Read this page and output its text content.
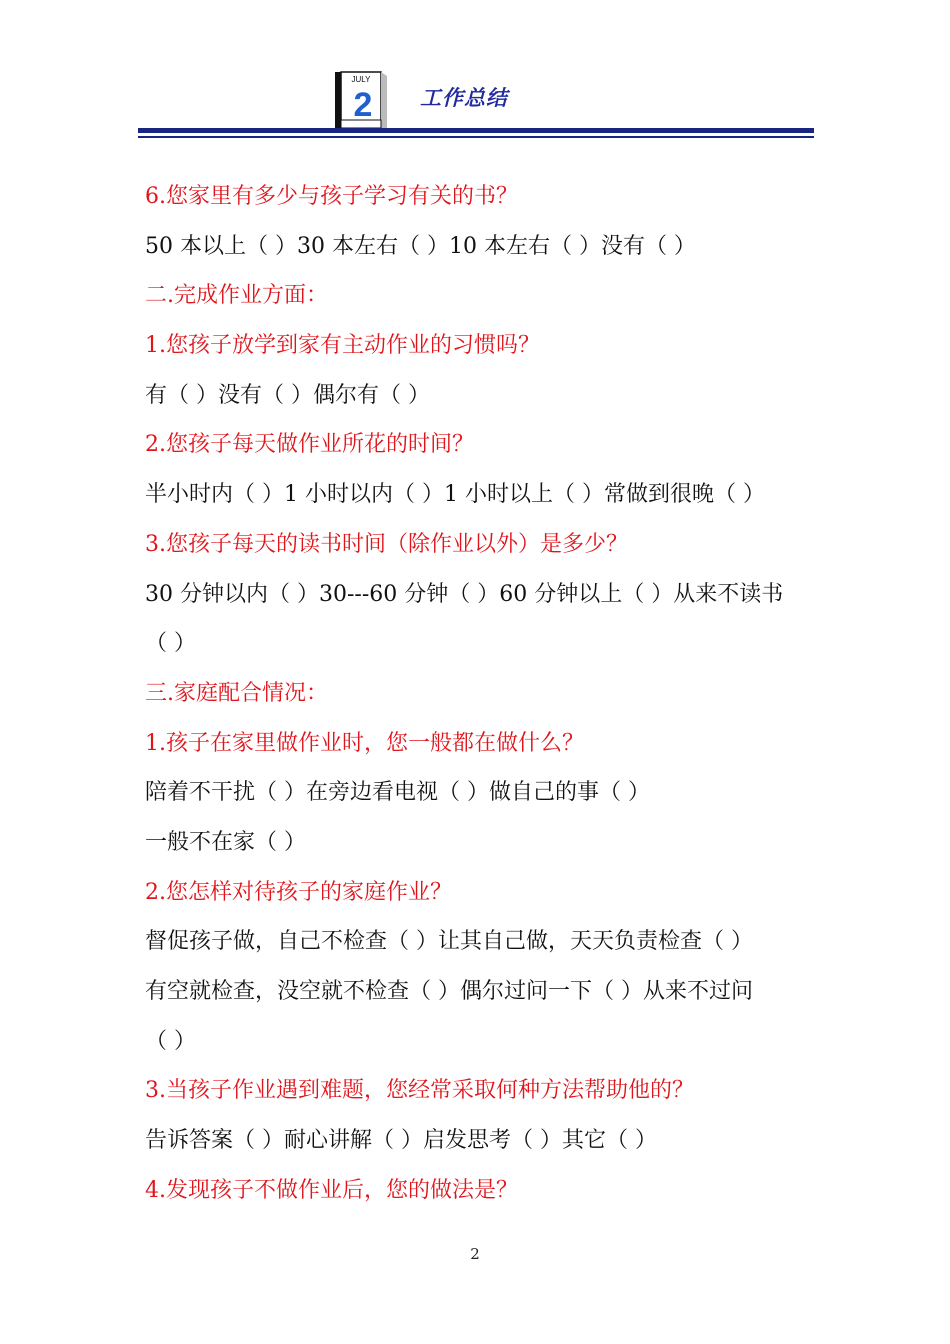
JULY
2 工作总结
6.您家里有多少与孩子学习有关的书？
50 本以上（ ）30 本左右（ ）10 本左右（ ）没有（ ）
二.完成作业方面：
1.您孩子放学到家有主动作业的习惯吗？
有（ ）没有（ ）偶尔有（ ）
2.您孩子每天做作业所花的时间？
半小时内（ ）1 小时以内（ ）1 小时以上（ ）常做到很晚（ ）
3.您孩子每天的读书时间（除作业以外）是多少？
30 分钟以内（ ）30---60 分钟（ ）60 分钟以上（ ）从来不读书
（ ）
三.家庭配合情况：
1.孩子在家里做作业时，您一般都在做什么？
陪着不干扰（ ）在旁边看电视（ ）做自己的事（ ）
一般不在家（ ）
2.您怎样对待孩子的家庭作业？
督促孩子做，自己不检查（ ）让其自己做，天天负责检查（ ）
有空就检查，没空就不检查（ ）偶尔过问一下（ ）从来不过问
（ ）
3.当孩子作业遇到难题，您经常采取何种方法帮助他的？
告诉答案（ ）耐心讲解（ ）启发思考（ ）其它（ ）
4.发现孩子不做作业后，您的做法是？
2
